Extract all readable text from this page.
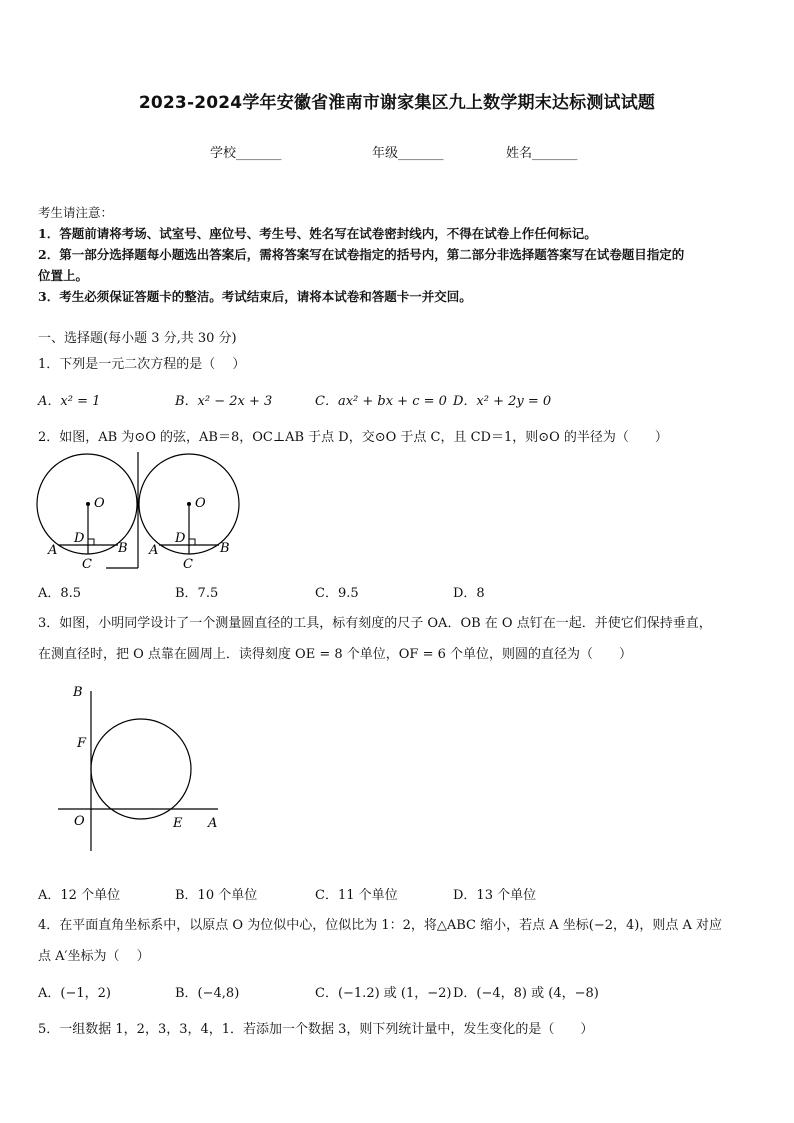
2023-2024学年安徽省淮南市谢家集区九上数学期末达标测试试题
学校_______	年级_______	姓名_______
考生请注意：
1．答题前请将考场、试室号、座位号、考生号、姓名写在试卷密封线内，不得在试卷上作任何标记。
2．第一部分选择题每小题选出答案后，需将答案写在试卷指定的括号内，第二部分非选择题答案写在试卷题目指定的
位置上。
3．考生必须保证答题卡的整洁。考试结束后，请将本试卷和答题卡一并交回。
一、选择题(每小题 3 分,共 30 分)
1．下列是一元二次方程的是（　 ）
A．x² = 1	B．x² − 2x + 3	C．ax² + bx + c = 0 D．x² + 2y = 0
2．如图，AB 为⊙O 的弦，AB＝8，OC⊥AB 于点 D，交⊙O 于点 C，且 CD＝1，则⊙O 的半径为（　　）
O
D
A	B
C
O
D
A	B
C
A．8.5	B．7.5	C．9.5	D．8
3．如图，小明同学设计了一个测量圆直径的工具，标有刻度的尺子 OA．OB 在 O 点钉在一起．并使它们保持垂直，
在测直径时，把 O 点靠在圆周上．读得刻度 OE = 8 个单位，OF = 6 个单位，则圆的直径为（　　）
B
F
O	E A
A．12 个单位	B．10 个单位	C．11 个单位	D．13 个单位
4．在平面直角坐标系中，以原点 O 为位似中心，位似比为 1：2，将△ABC 缩小，若点 A 坐标(−2，4)，则点 A 对应
点 A′坐标为（　 ）
A．(−1，2)	B．(−4,8)	C．(−1.2) 或 (1，−2) D．(−4，8) 或 (4，−8)
5．一组数据 1，2，3，3，4，1．若添加一个数据 3，则下列统计量中，发生变化的是（　　）
